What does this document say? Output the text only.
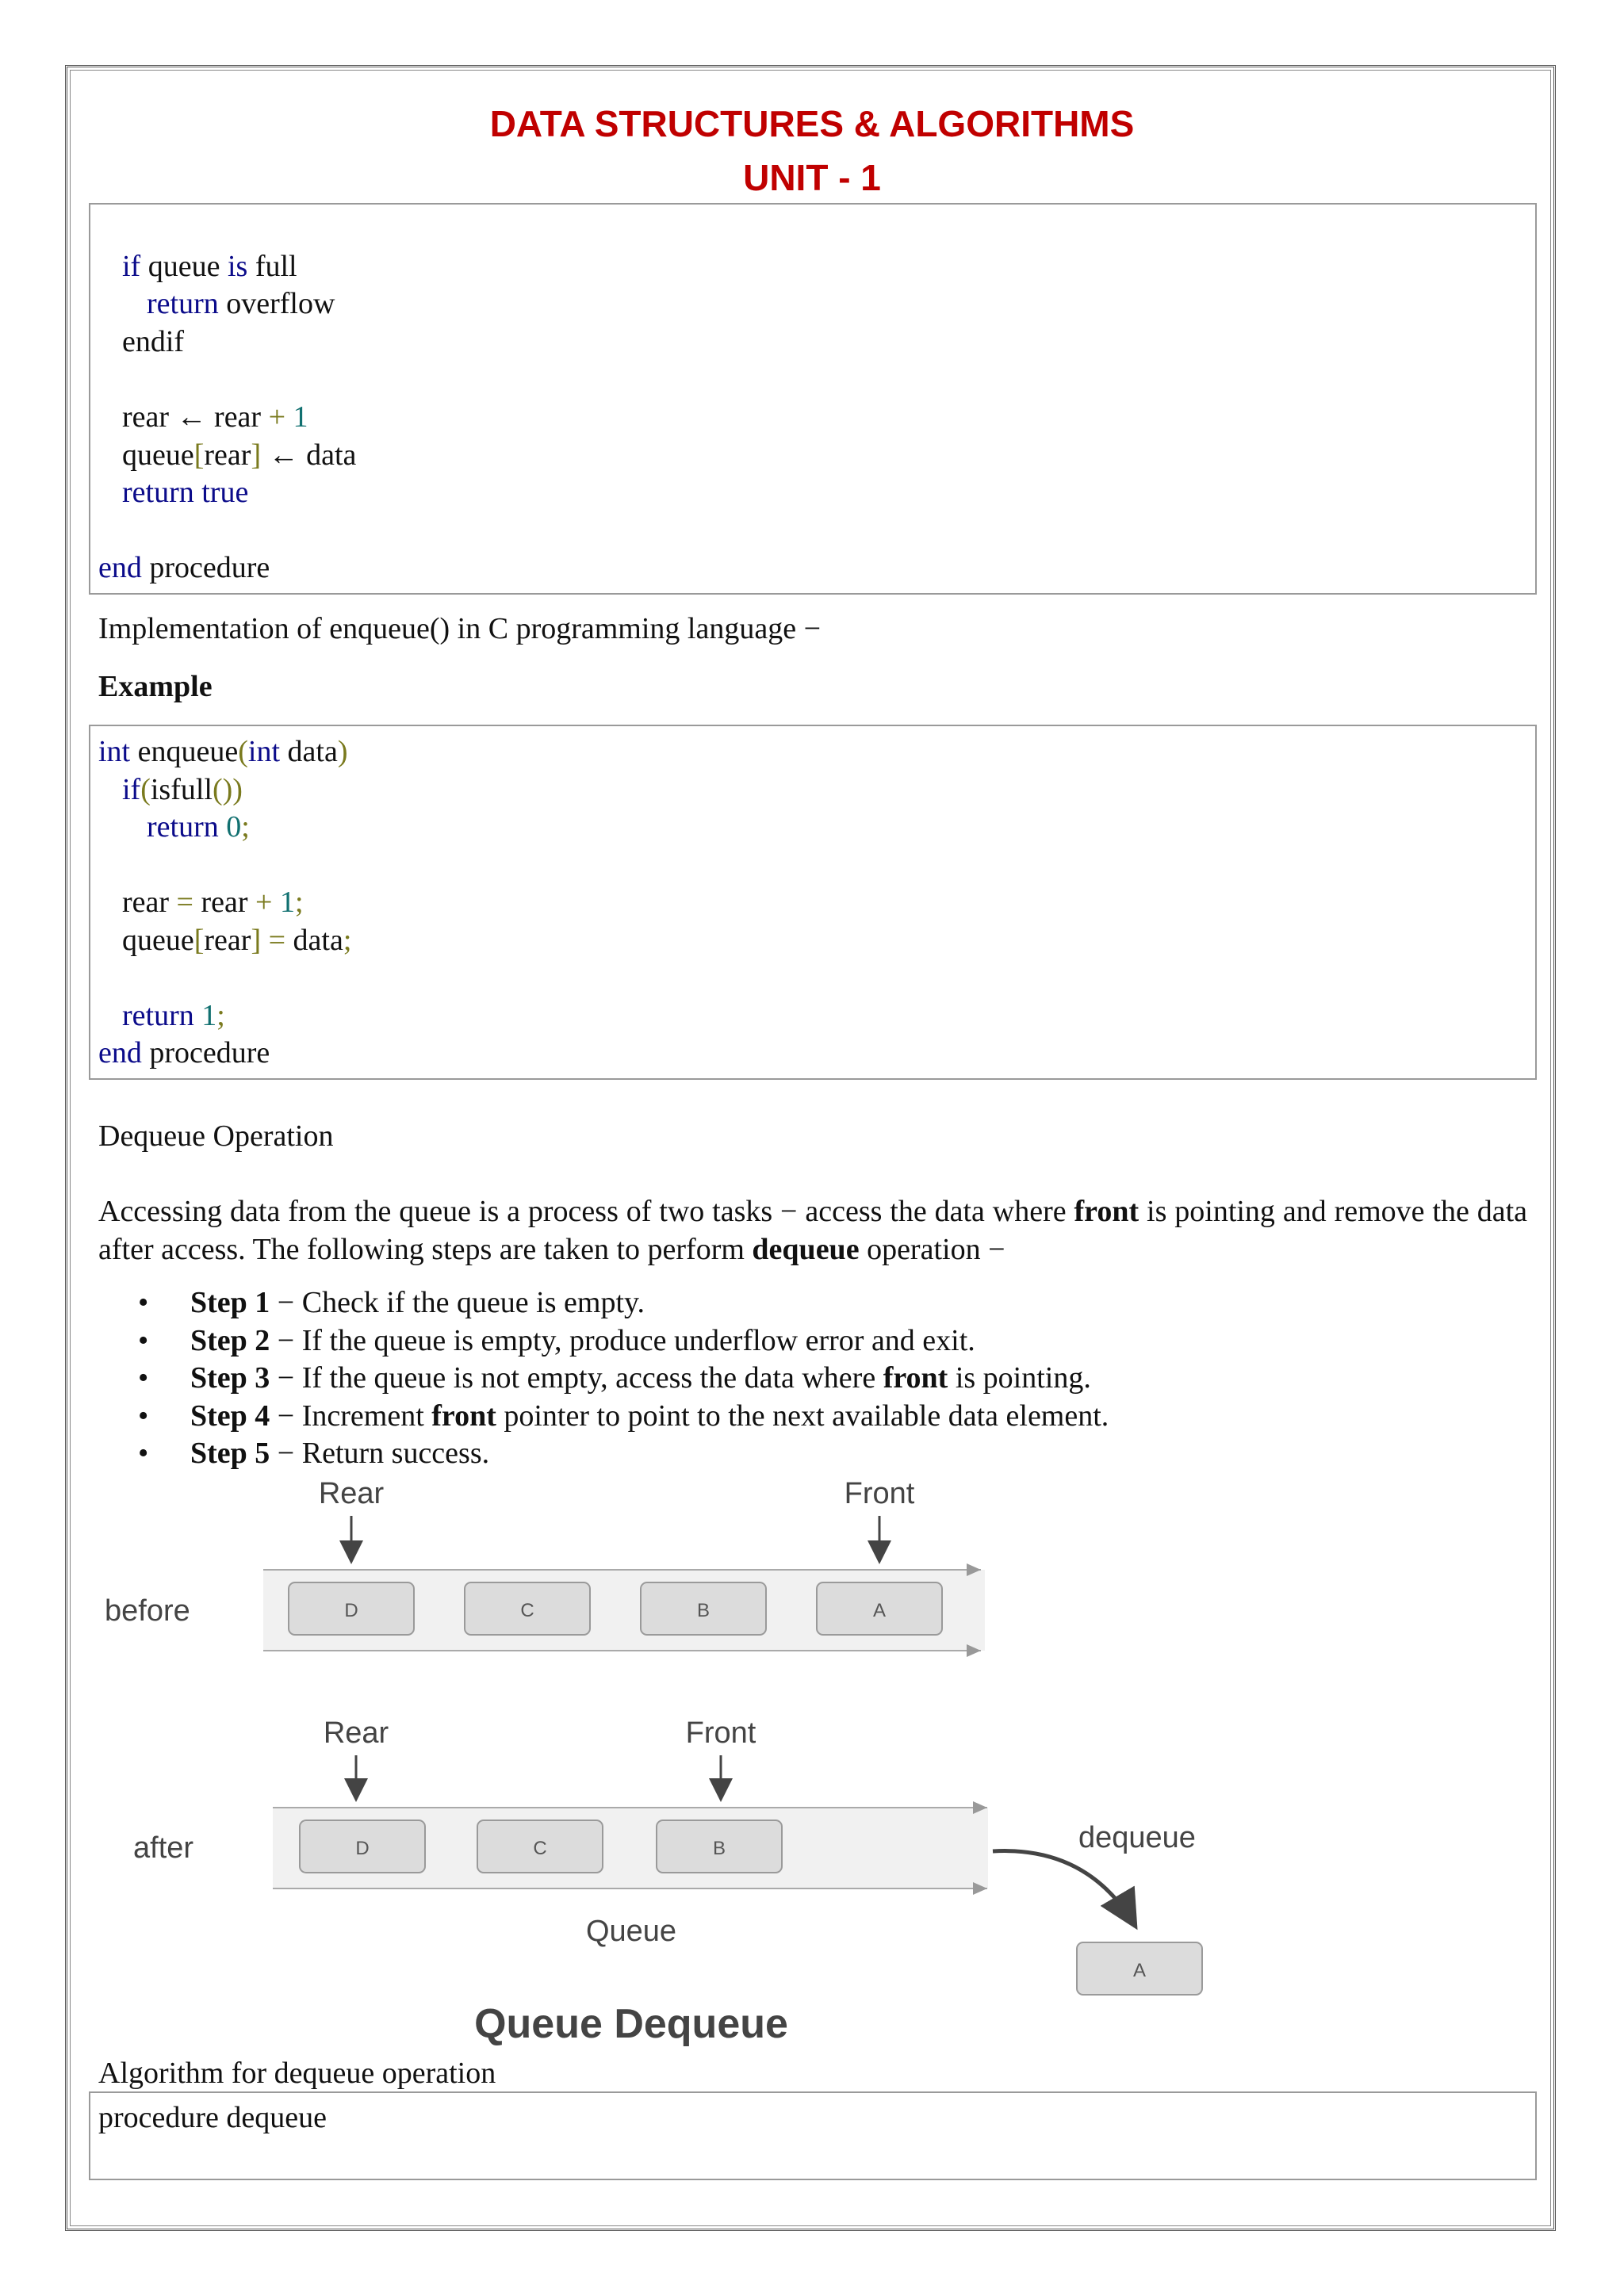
DATA STRUCTURES & ALGORITHMS
UNIT - 1
if queue is full
return overflow
endif
rear ← rear + 1
queue[rear] ← data
return true
end procedure
Implementation of enqueue() in C programming language −
Example
int enqueue(int data)
if(isfull())
return 0;
rear = rear + 1;
queue[rear] = data;
return 1;
end procedure
Dequeue Operation
Accessing data from the queue is a process of two tasks − access the data where front is pointing and remove the data after access. The following steps are taken to perform dequeue operation −
• Step 1 − Check if the queue is empty.
• Step 2 − If the queue is empty, produce underflow error and exit.
• Step 3 − If the queue is not empty, access the data where front is pointing.
• Step 4 − Increment front pointer to point to the next available data element.
• Step 5 − Return success.
before	D	C	B	A
Rear	Front
after	D	C	B
Rear	Front
dequeue
A
Queue
Queue Dequeue
Algorithm for dequeue operation
procedure dequeue
